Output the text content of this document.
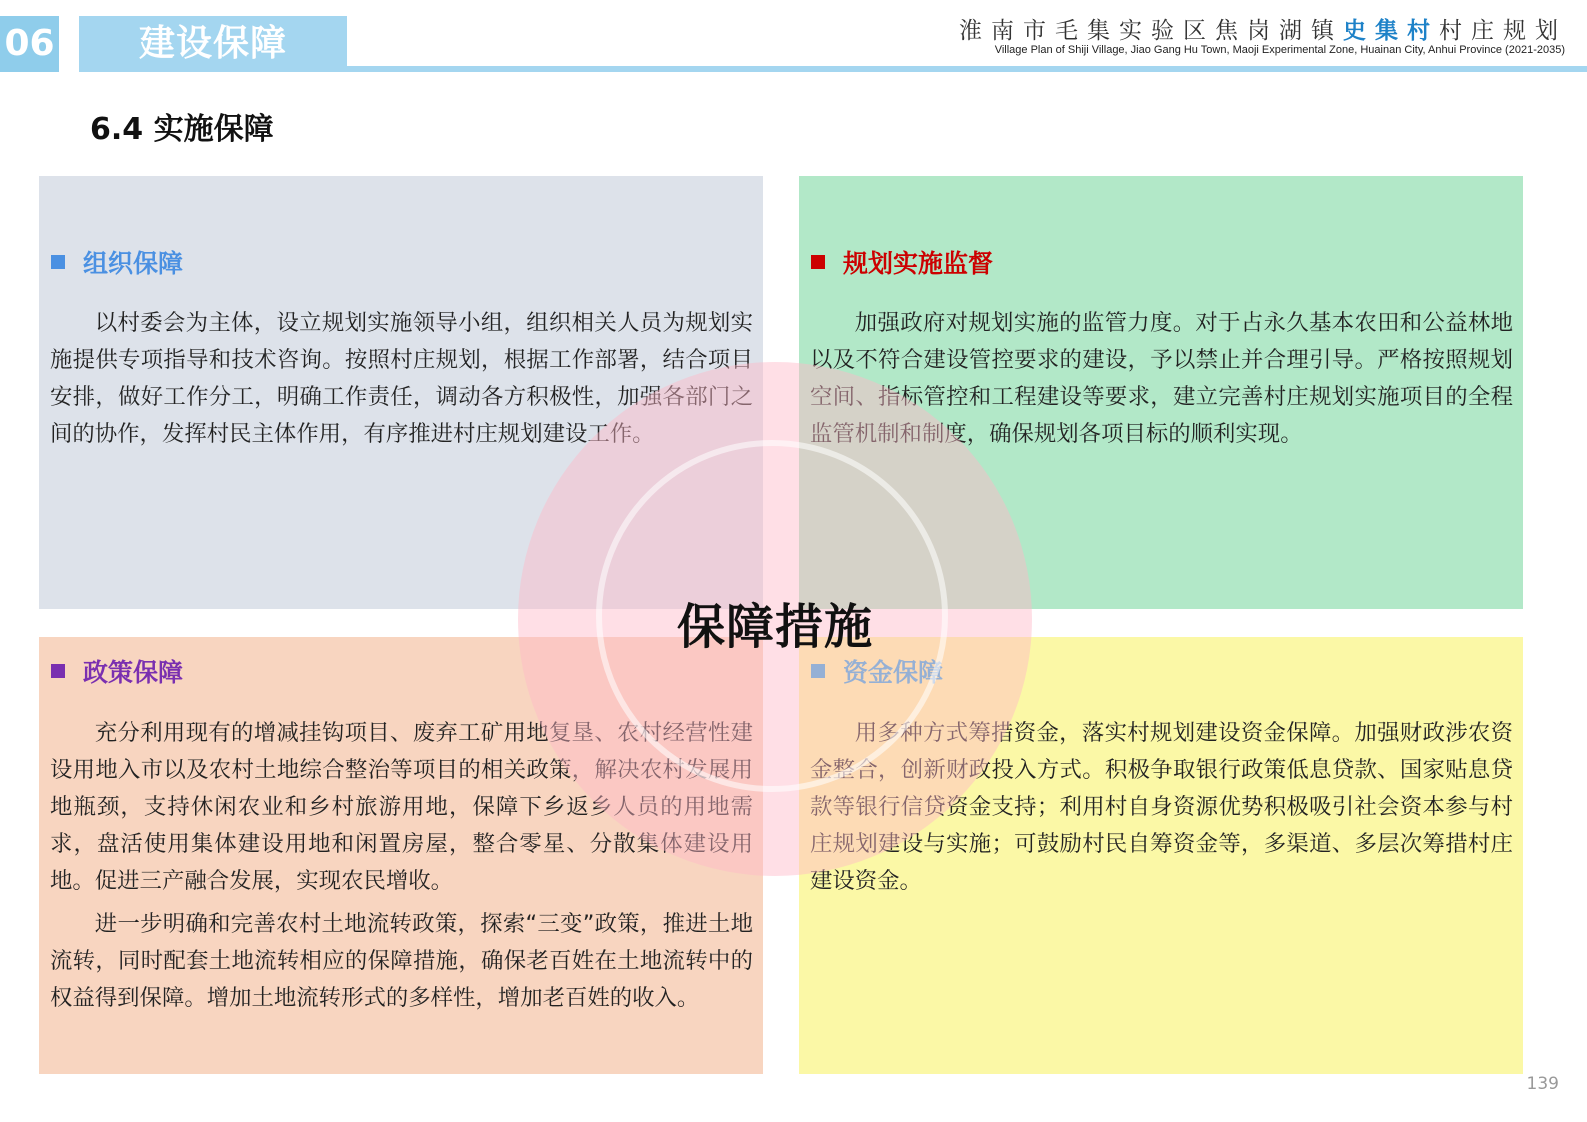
06	建设保障	淮南市毛集实验区焦岗湖镇史集村村庄规划
Village Plan of Shiji Village, Jiao Gang Hu Town, Maoji Experimental Zone, Huainan City, Anhui Province (2021-2035)
6.4 实施保障
组织保障

以村委会为主体，设立规划实施领导小组，组织相关人员为规划实施提供专项指导和技术咨询。按照村庄规划，根据工作部署，结合项目安排，做好工作分工，明确工作责任，调动各方积极性，加强各部门之间的协作，发挥村民主体作用，有序推进村庄规划建设工作。

规划实施监督

加强政府对规划实施的监管力度。对于占永久基本农田和公益林地以及不符合建设管控要求的建设，予以禁止并合理引导。严格按照规划空间、指标管控和工程建设等要求，建立完善村庄规划实施项目的全程监管机制和制度，确保规划各项目标的顺利实现。

政策保障

充分利用现有的增减挂钩项目、废弃工矿用地复垦、农村经营性建设用地入市以及农村土地综合整治等项目的相关政策，解决农村发展用地瓶颈，支持休闲农业和乡村旅游用地，保障下乡返乡人员的用地需求，盘活使用集体建设用地和闲置房屋，整合零星、分散集体建设用地。促进三产融合发展，实现农民增收。

进一步明确和完善农村土地流转政策，探索“三变”政策，推进土地流转，同时配套土地流转相应的保障措施，确保老百姓在土地流转中的权益得到保障。增加土地流转形式的多样性，增加老百姓的收入。

资金保障

用多种方式筹措资金，落实村规划建设资金保障。加强财政涉农资金整合，创新财政投入方式。积极争取银行政策低息贷款、国家贴息贷款等银行信贷资金支持；利用村自身资源优势积极吸引社会资本参与村庄规划建设与实施；可鼓励村民自筹资金等，多渠道、多层次筹措村庄建设资金。

保障措施
139
